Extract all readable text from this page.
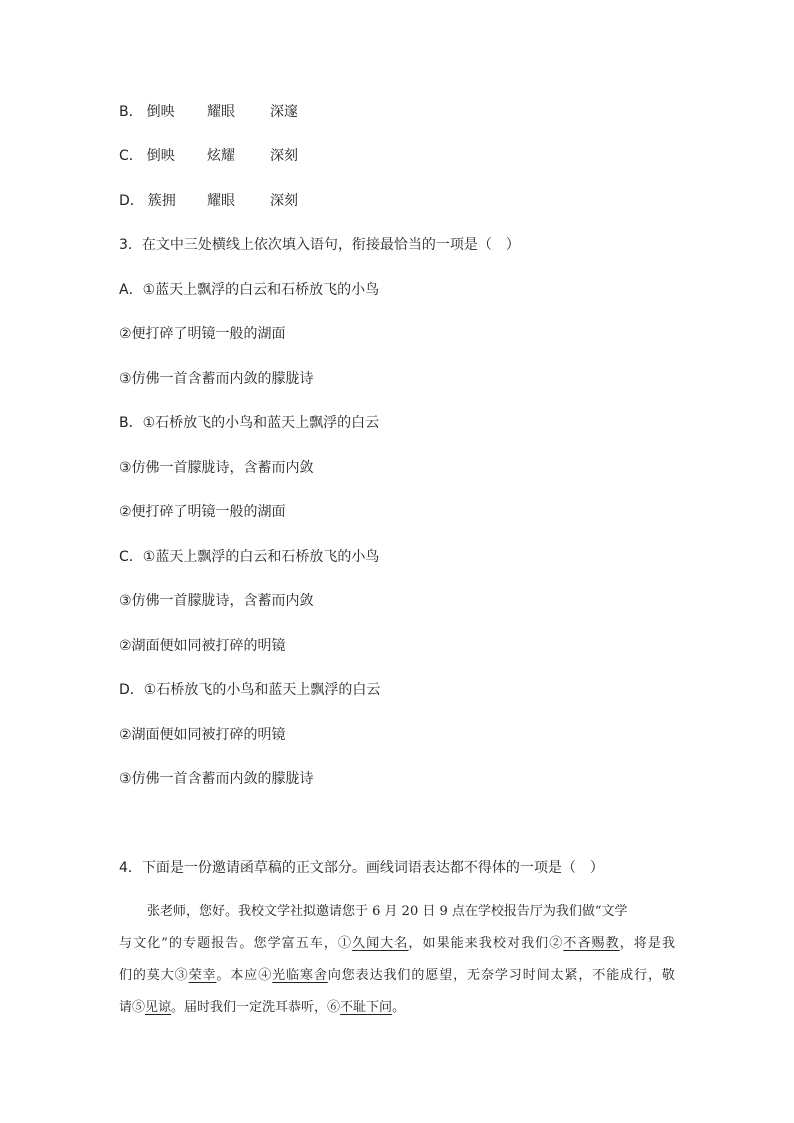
B． 倒映 耀眼	深邃
C． 倒映 炫耀	深刻
D． 簇拥 耀眼	深刻
3．在文中三处横线上依次填入语句，衔接最恰当的一项是（　）
A．①蓝天上飘浮的白云和石桥放飞的小鸟
②便打碎了明镜一般的湖面
③仿佛一首含蓄而内敛的朦胧诗
B．①石桥放飞的小鸟和蓝天上飘浮的白云
③仿佛一首朦胧诗，含蓄而内敛
②便打碎了明镜一般的湖面
C．①蓝天上飘浮的白云和石桥放飞的小鸟
③仿佛一首朦胧诗，含蓄而内敛
②湖面便如同被打碎的明镜
D．①石桥放飞的小鸟和蓝天上飘浮的白云
②湖面便如同被打碎的明镜
③仿佛一首含蓄而内敛的朦胧诗
4．下面是一份邀请函草稿的正文部分。画线词语表达都不得体的一项是（　）
张老师，您好。我校文学社拟邀请您于 6 月 20 日 9 点在学校报告厅为我们做“文学
与文化”的专题报告。您学富五车，①久闻大名，如果能来我校对我们②不吝赐教，将是我
们的莫大③荣幸。本应④光临寒舍向您表达我们的愿望，无奈学习时间太紧，不能成行，敬
请⑤见谅。届时我们一定洗耳恭听，⑥不耻下问。
